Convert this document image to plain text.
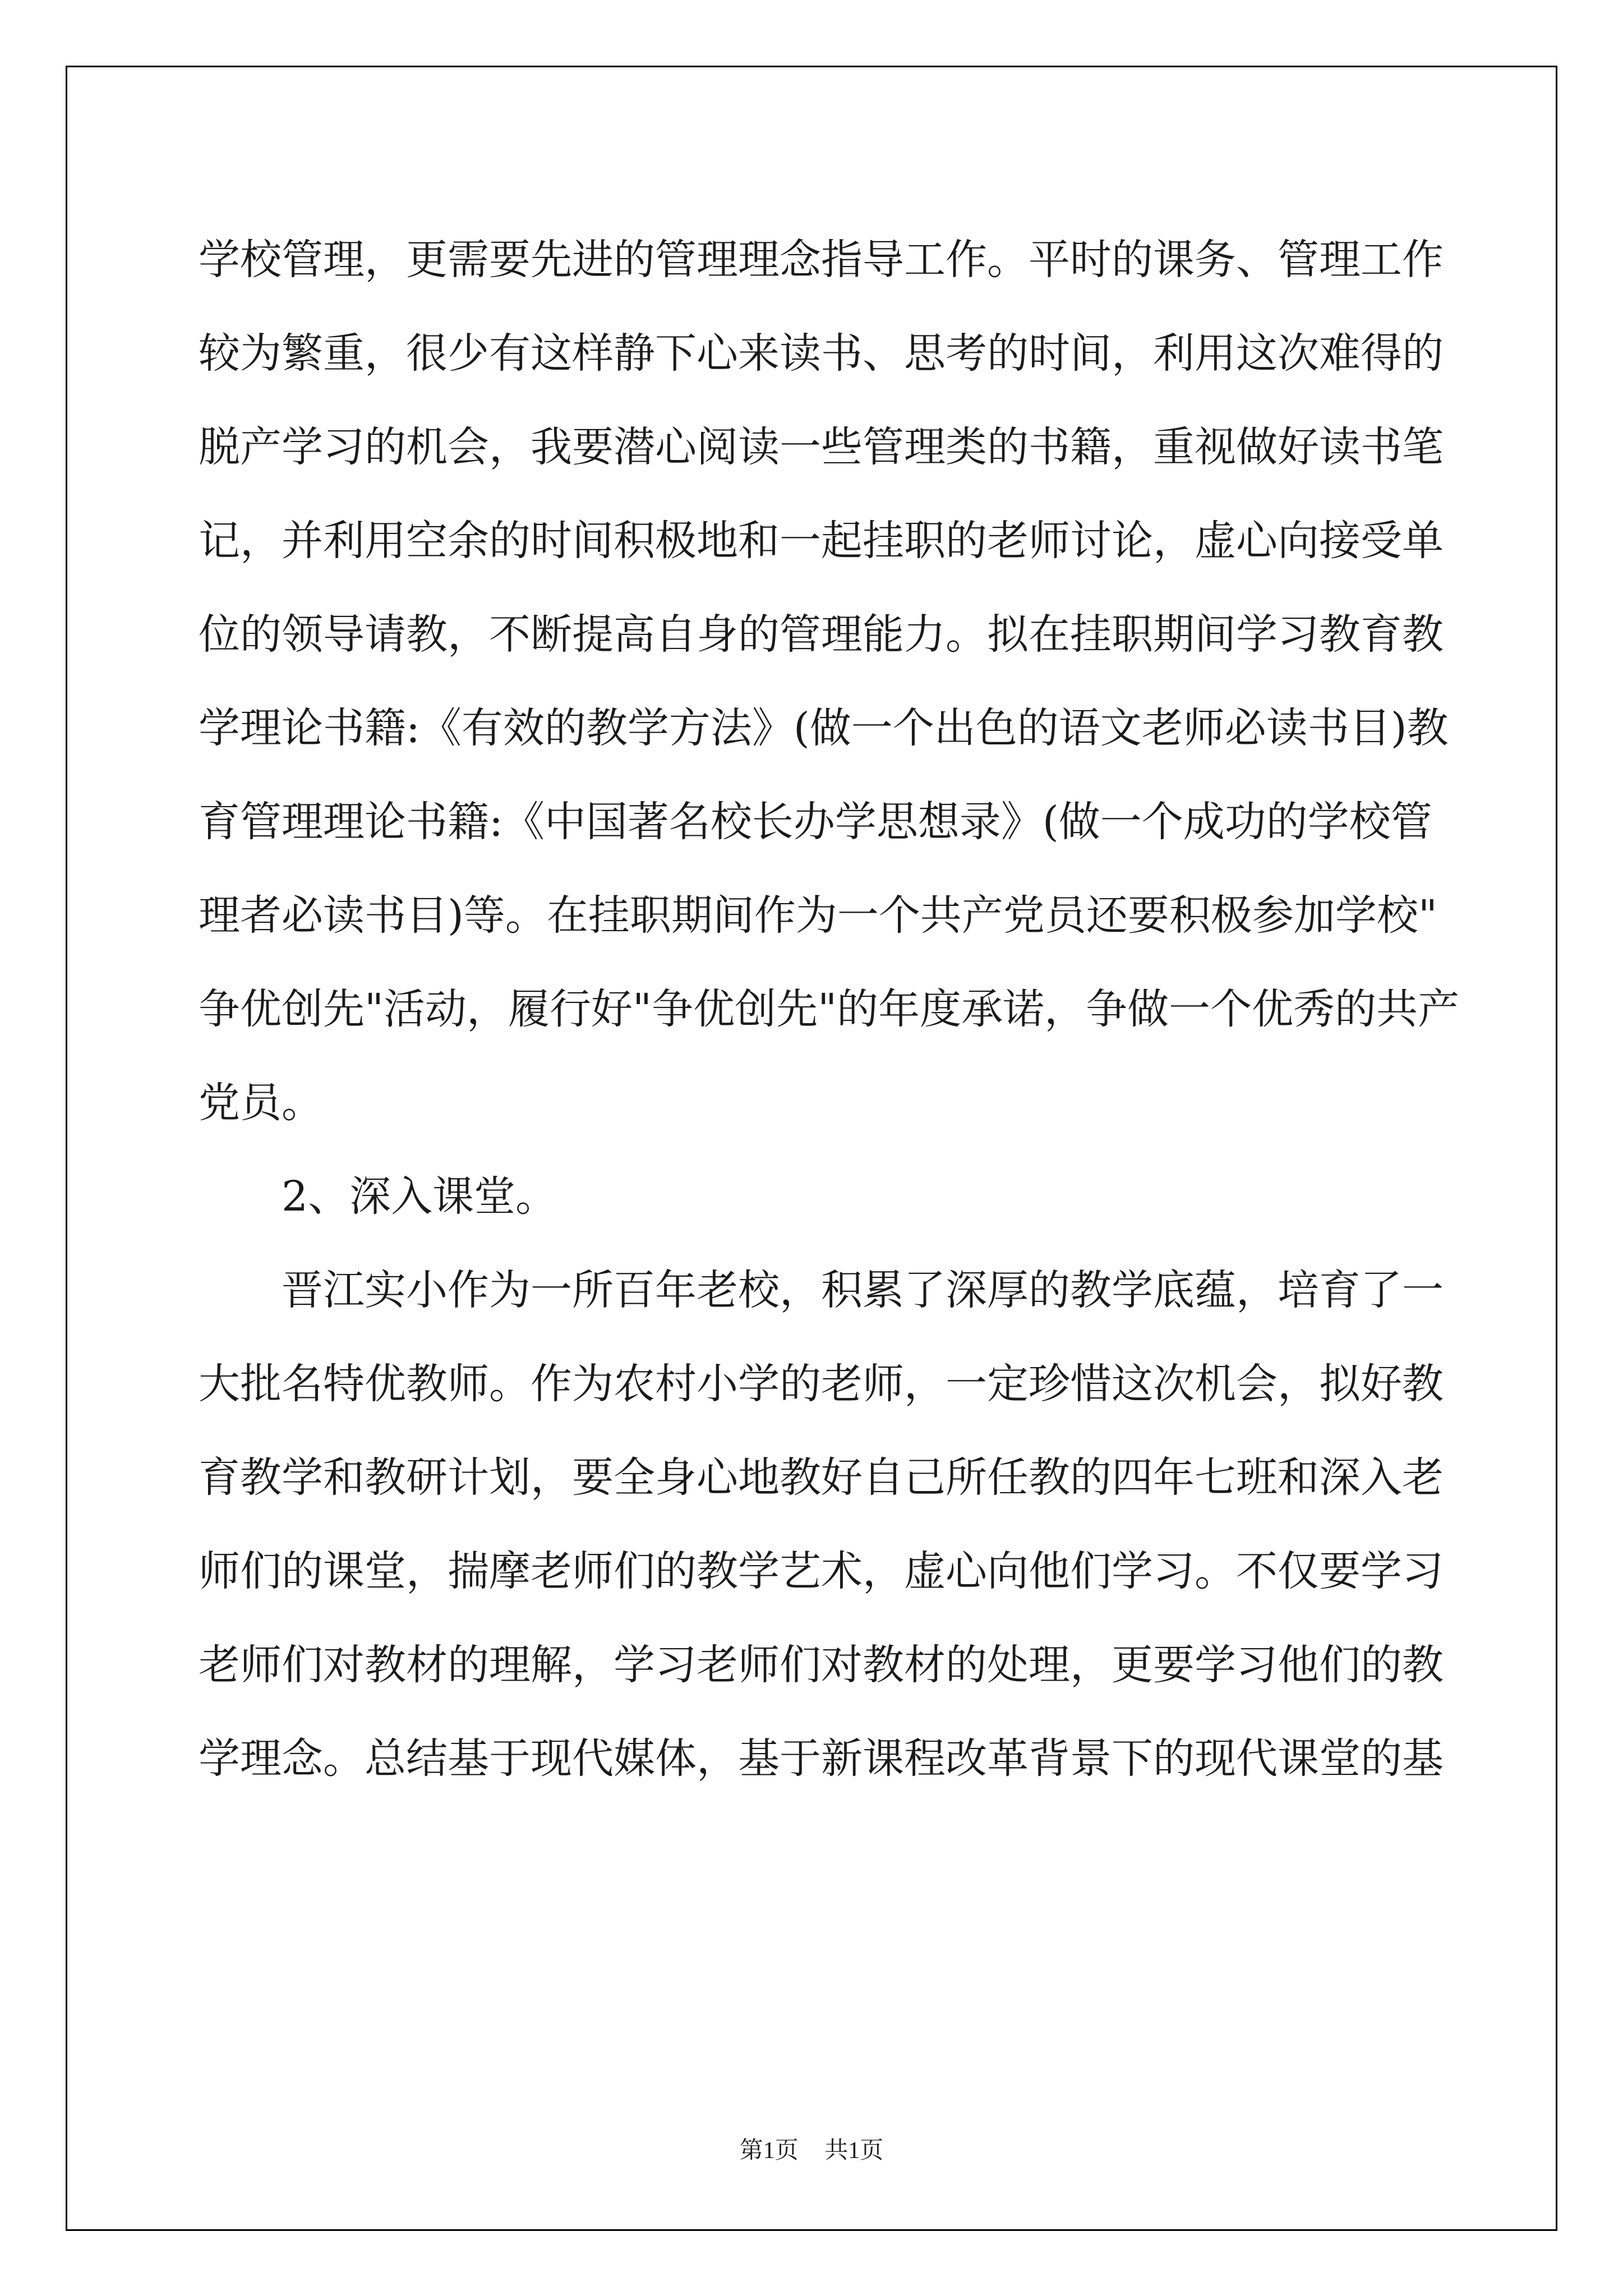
学校管理，更需要先进的管理理念指导工作。平时的课务、管理工作
较为繁重，很少有这样静下心来读书、思考的时间，利用这次难得的
脱产学习的机会，我要潜心阅读一些管理类的书籍，重视做好读书笔
记，并利用空余的时间积极地和一起挂职的老师讨论，虚心向接受单
位的领导请教，不断提高自身的管理能力。拟在挂职期间学习教育教
学理论书籍:《有效的教学方法》(做一个出色的语文老师必读书目)教
育管理理论书籍:《中国著名校长办学思想录》(做一个成功的学校管
理者必读书目)等。在挂职期间作为一个共产党员还要积极参加学校"
争优创先"活动，履行好"争优创先"的年度承诺，争做一个优秀的共产
党员。
2、深入课堂。
晋江实小作为一所百年老校，积累了深厚的教学底蕴，培育了一
大批名特优教师。作为农村小学的老师，一定珍惜这次机会，拟好教
育教学和教研计划，要全身心地教好自己所任教的四年七班和深入老
师们的课堂，揣摩老师们的教学艺术，虚心向他们学习。不仅要学习
老师们对教材的理解，学习老师们对教材的处理，更要学习他们的教
学理念。总结基于现代媒体，基于新课程改革背景下的现代课堂的基
第1页 共1页
